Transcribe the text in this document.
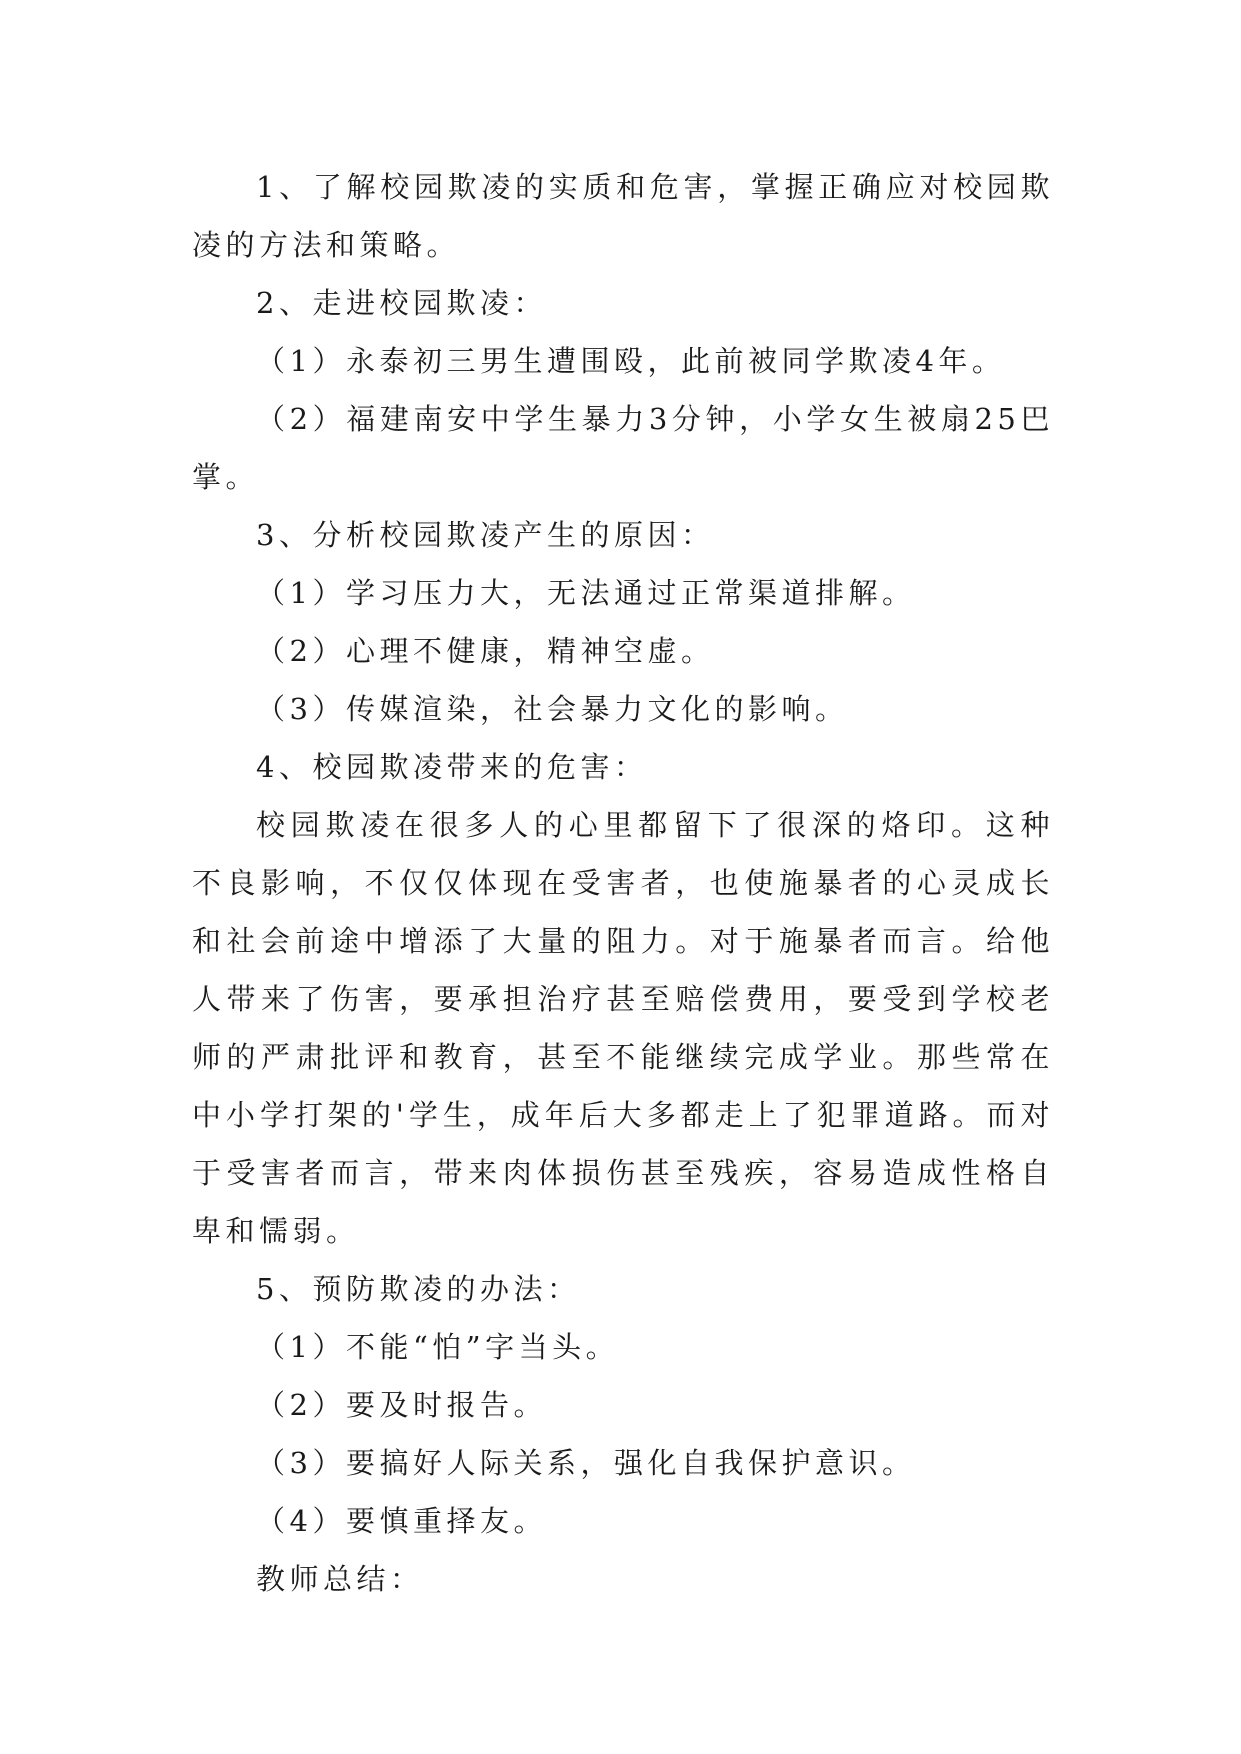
1、了解校园欺凌的实质和危害，掌握正确应对校园欺凌的方法和策略。

2、走进校园欺凌：

（1）永泰初三男生遭围殴，此前被同学欺凌4年。

（2）福建南安中学生暴力3分钟，小学女生被扇25巴掌。

3、分析校园欺凌产生的原因：

（1）学习压力大，无法通过正常渠道排解。

（2）心理不健康，精神空虚。

（3）传媒渲染，社会暴力文化的影响。

4、校园欺凌带来的危害：

校园欺凌在很多人的心里都留下了很深的烙印。这种不良影响，不仅仅体现在受害者，也使施暴者的心灵成长和社会前途中增添了大量的阻力。对于施暴者而言。给他人带来了伤害，要承担治疗甚至赔偿费用，要受到学校老师的严肃批评和教育，甚至不能继续完成学业。那些常在中小学打架的'学生，成年后大多都走上了犯罪道路。而对于受害者而言，带来肉体损伤甚至残疾，容易造成性格自卑和懦弱。

5、预防欺凌的办法：

（1）不能“怕”字当头。

（2）要及时报告。

（3）要搞好人际关系，强化自我保护意识。

（4）要慎重择友。

教师总结：
